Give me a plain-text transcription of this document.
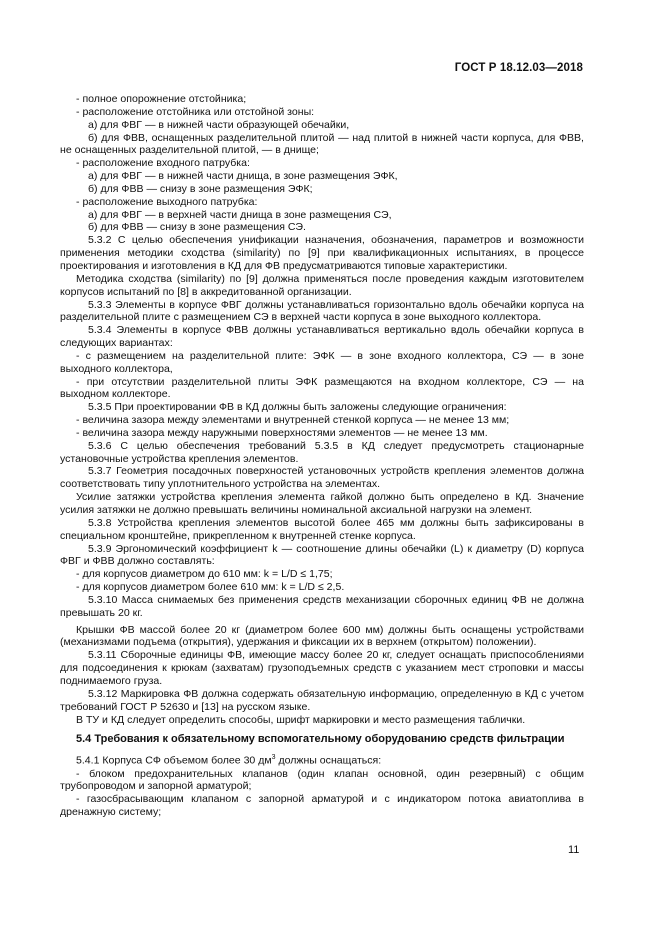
ГОСТ Р 18.12.03—2018

- полное опорожнение отстойника;

- расположение отстойника или отстойной зоны:

а) для ФВГ — в нижней части образующей обечайки,

б) для ФВВ, оснащенных разделительной плитой — над плитой в нижней части корпуса, для ФВВ, не оснащенных разделительной плитой, — в днище;

- расположение входного патрубка:

а) для ФВГ — в нижней части днища, в зоне размещения ЭФК,

б) для ФВВ — снизу в зоне размещения ЭФК;

- расположение выходного патрубка:

а) для ФВГ — в верхней части днища в зоне размещения СЭ,

б) для ФВВ — снизу в зоне размещения СЭ.

5.3.2 С целью обеспечения унификации назначения, обозначения, параметров и возможности применения методики сходства (similarity) по [9] при квалификационных испытаниях, в процессе проектирования и изготовления в КД для ФВ предусматриваются типовые характеристики.

Методика сходства (similarity) по [9] должна применяться после проведения каждым изготовителем корпусов испытаний по [8] в аккредитованной организации.

5.3.3 Элементы в корпусе ФВГ должны устанавливаться горизонтально вдоль обечайки корпуса на разделительной плите с размещением СЭ в верхней части корпуса в зоне выходного коллектора.

5.3.4 Элементы в корпусе ФВВ должны устанавливаться вертикально вдоль обечайки корпуса в следующих вариантах:

- с размещением на разделительной плите: ЭФК — в зоне входного коллектора, СЭ — в зоне выходного коллектора,

- при отсутствии разделительной плиты ЭФК размещаются на входном коллекторе, СЭ — на выходном коллекторе.

5.3.5 При проектировании ФВ в КД должны быть заложены следующие ограничения:

- величина зазора между элементами и внутренней стенкой корпуса — не менее 13 мм;

- величина зазора между наружными поверхностями элементов — не менее 13 мм.

5.3.6 С целью обеспечения требований 5.3.5 в КД следует предусмотреть стационарные установочные устройства крепления элементов.

5.3.7 Геометрия посадочных поверхностей установочных устройств крепления элементов должна соответствовать типу уплотнительного устройства на элементах.

Усилие затяжки устройства крепления элемента гайкой должно быть определено в КД. Значение усилия затяжки не должно превышать величины номинальной аксиальной нагрузки на элемент.

5.3.8 Устройства крепления элементов высотой более 465 мм должны быть зафиксированы в специальном кронштейне, прикрепленном к внутренней стенке корпуса.

5.3.9 Эргономический коэффициент k — соотношение длины обечайки (L) к диаметру (D) корпуса ФВГ и ФВВ должно составлять:

- для корпусов диаметром до 610 мм: k = L/D ≤ 1,75;

- для корпусов диаметром более 610 мм: k = L/D ≤ 2,5.

5.3.10 Масса снимаемых без применения средств механизации сборочных единиц ФВ не должна превышать 20 кг.

Крышки ФВ массой более 20 кг (диаметром более 600 мм) должны быть оснащены устройствами (механизмами подъема (открытия), удержания и фиксации их в верхнем (открытом) положении).

5.3.11 Сборочные единицы ФВ, имеющие массу более 20 кг, следует оснащать приспособлениями для подсоединения к крюкам (захватам) грузоподъемных средств с указанием мест строповки и массы поднимаемого груза.

5.3.12 Маркировка ФВ должна содержать обязательную информацию, определенную в КД с учетом требований ГОСТ Р 52630 и [13] на русском языке.

В ТУ и КД следует определить способы, шрифт маркировки и место размещения таблички.

5.4 Требования к обязательному вспомогательному оборудованию средств фильтрации

5.4.1 Корпуса СФ объемом более 30 $дм^3$ должны оснащаться:

- блоком предохранительных клапанов (один клапан основной, один резервный) с общим трубопроводом и запорной арматурой;

- газосбрасывающим клапаном с запорной арматурой и с индикатором потока авиатоплива в дренажную систему;

11
